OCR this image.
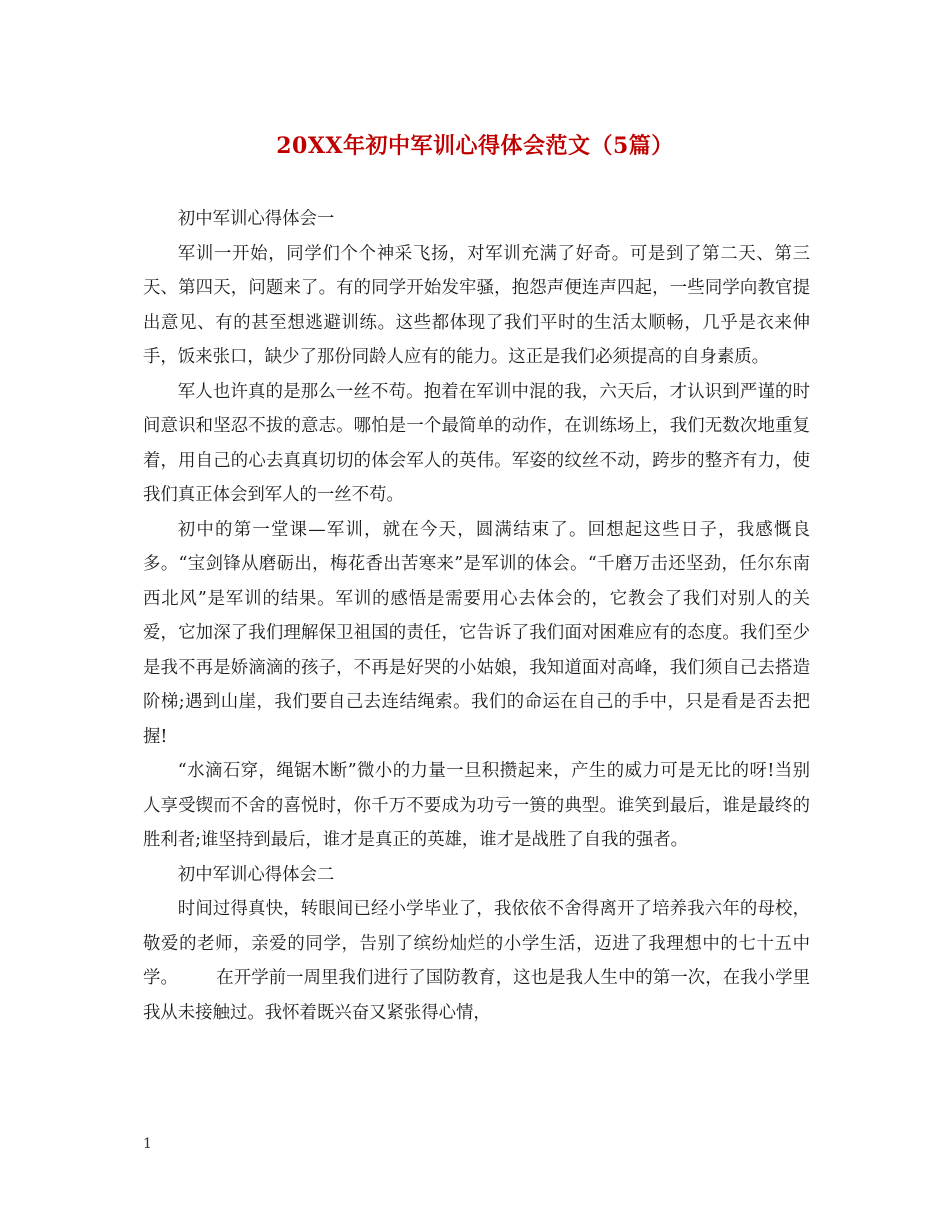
20XX年初中军训心得体会范文（5篇）

初中军训心得体会一

军训一开始，同学们个个神采飞扬，对军训充满了好奇。可是到了第二天、第三天、第四天，问题来了。有的同学开始发牢骚，抱怨声便连声四起，一些同学向教官提出意见、有的甚至想逃避训练。这些都体现了我们平时的生活太顺畅，几乎是衣来伸手，饭来张口，缺少了那份同龄人应有的能力。这正是我们必须提高的自身素质。

军人也许真的是那么一丝不苟。抱着在军训中混的我，六天后，才认识到严谨的时间意识和坚忍不拔的意志。哪怕是一个最简单的动作，在训练场上，我们无数次地重复着，用自己的心去真真切切的体会军人的英伟。军姿的纹丝不动，跨步的整齐有力，使我们真正体会到军人的一丝不苟。

初中的第一堂课—军训，就在今天，圆满结束了。回想起这些日子，我感慨良多。“宝剑锋从磨砺出，梅花香出苦寒来”是军训的体会。“千磨万击还坚劲，任尔东南西北风”是军训的结果。军训的感悟是需要用心去体会的，它教会了我们对别人的关爱，它加深了我们理解保卫祖国的责任，它告诉了我们面对困难应有的态度。我们至少是我不再是娇滴滴的孩子，不再是好哭的小姑娘，我知道面对高峰，我们须自己去搭造阶梯;遇到山崖，我们要自己去连结绳索。我们的命运在自己的手中，只是看是否去把握!

“水滴石穿，绳锯木断”微小的力量一旦积攒起来，产生的威力可是无比的呀!当别人享受锲而不舍的喜悦时，你千万不要成为功亏一篑的典型。谁笑到最后，谁是最终的胜利者;谁坚持到最后，谁才是真正的英雄，谁才是战胜了自我的强者。

初中军训心得体会二

时间过得真快，转眼间已经小学毕业了，我依依不舍得离开了培养我六年的母校，敬爱的老师，亲爱的同学，告别了缤纷灿烂的小学生活，迈进了我理想中的七十五中学。 在开学前一周里我们进行了国防教育，这也是我人生中的第一次，在我小学里我从未接触过。我怀着既兴奋又紧张得心情，

1
